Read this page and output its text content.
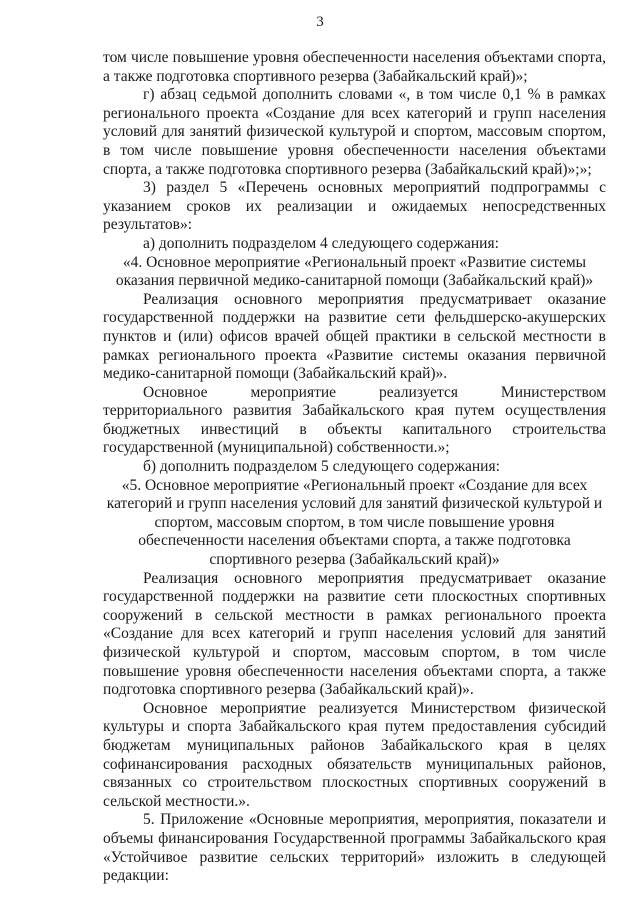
3

том числе повышение уровня обеспеченности населения объектами спорта, а также подготовка спортивного резерва (Забайкальский край)»;

г) абзац седьмой дополнить словами «, в том числе 0,1 % в рамках регионального проекта «Создание для всех категорий и групп населения условий для занятий физической культурой и спортом, массовым спортом, в том числе повышение уровня обеспеченности населения объектами спорта, а также подготовка спортивного резерва (Забайкальский край)»;»;

3) раздел 5 «Перечень основных мероприятий подпрограммы с указанием сроков их реализации и ожидаемых непосредственных результатов»:

а) дополнить подразделом 4 следующего содержания:

«4. Основное мероприятие «Региональный проект «Развитие системы оказания первичной медико-санитарной помощи (Забайкальский край)»

Реализация основного мероприятия предусматривает оказание государственной поддержки на развитие сети фельдшерско-акушерских пунктов и (или) офисов врачей общей практики в сельской местности в рамках регионального проекта «Развитие системы оказания первичной медико-санитарной помощи (Забайкальский край)».

Основное мероприятие реализуется Министерством территориального развития Забайкальского края путем осуществления бюджетных инвестиций в объекты капитального строительства государственной (муниципальной) собственности.»;

б) дополнить подразделом 5 следующего содержания:

«5. Основное мероприятие «Региональный проект «Создание для всех категорий и групп населения условий для занятий физической культурой и спортом, массовым спортом, в том числе повышение уровня обеспеченности населения объектами спорта, а также подготовка спортивного резерва (Забайкальский край)»

Реализация основного мероприятия предусматривает оказание государственной поддержки на развитие сети плоскостных спортивных сооружений в сельской местности в рамках регионального проекта «Создание для всех категорий и групп населения условий для занятий физической культурой и спортом, массовым спортом, в том числе повышение уровня обеспеченности населения объектами спорта, а также подготовка спортивного резерва (Забайкальский край)».

Основное мероприятие реализуется Министерством физической культуры и спорта Забайкальского края путем предоставления субсидий бюджетам муниципальных районов Забайкальского края в целях софинансирования расходных обязательств муниципальных районов, связанных со строительством плоскостных спортивных сооружений в сельской местности.».

5. Приложение «Основные мероприятия, мероприятия, показатели и объемы финансирования Государственной программы Забайкальского края «Устойчивое развитие сельских территорий» изложить в следующей редакции:
